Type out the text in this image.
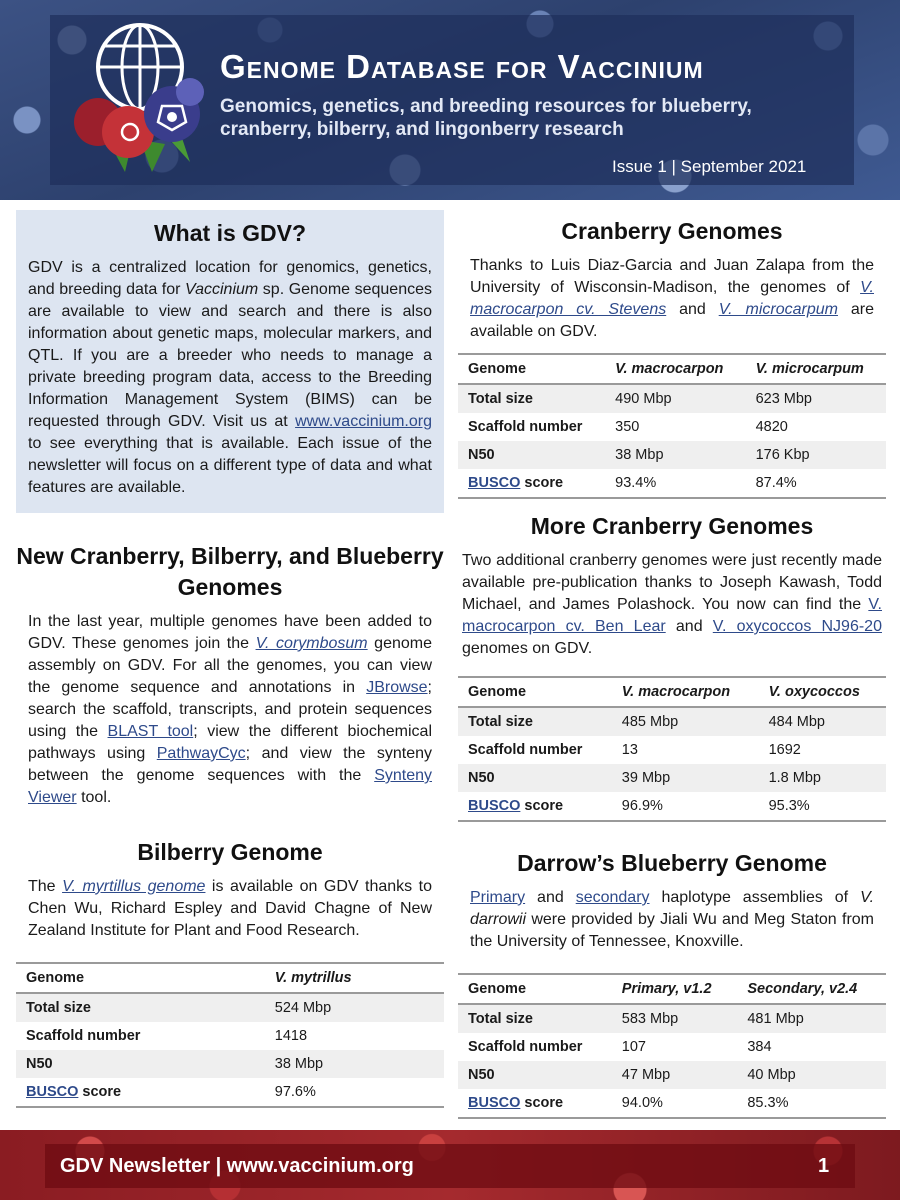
Genome Database for Vaccinium
Genomics, genetics, and breeding resources for blueberry, cranberry, bilberry, and lingonberry research
Issue 1 | September 2021
What is GDV?

GDV is a centralized location for genomics, genetics, and breeding data for Vaccinium sp. Genome sequences are available to view and search and there is also information about genetic maps, molecular markers, and QTL. If you are a breeder who needs to manage a private breeding program data, access to the Breeding Information Management System (BIMS) can be requested through GDV. Visit us at www.vaccinium.org to see everything that is available. Each issue of the newsletter will focus on a different type of data and what features are available.

New Cranberry, Bilberry, and Blueberry Genomes

In the last year, multiple genomes have been added to GDV. These genomes join the V. corymbosum genome assembly on GDV. For all the genomes, you can view the genome sequence and annotations in JBrowse; search the scaffold, transcripts, and protein sequences using the BLAST tool; view the different biochemical pathways using PathwayCyc; and view the synteny between the genome sequences with the Synteny Viewer tool.

Bilberry Genome

The V. myrtillus genome is available on GDV thanks to Chen Wu, Richard Espley and David Chagne of New Zealand Institute for Plant and Food Research.

Genome	V. mytrillus
Total size	524 Mbp
Scaffold number	1418
N50	38 Mbp
BUSCO score	97.6%
Cranberry Genomes

Thanks to Luis Diaz-Garcia and Juan Zalapa from the University of Wisconsin-Madison, the genomes of V. macrocarpon cv. Stevens and V. microcarpum are available on GDV.

Genome	V. macrocarpon	V. microcarpum
Total size	490 Mbp	623 Mbp
Scaffold number	350	4820
N50	38 Mbp	176 Kbp
BUSCO score	93.4%	87.4%
More Cranberry Genomes

Two additional cranberry genomes were just recently made available pre-publication thanks to Joseph Kawash, Todd Michael, and James Polashock. You now can find the V. macrocarpon cv. Ben Lear and V. oxycoccos NJ96-20 genomes on GDV.

Genome	V. macrocarpon	V. oxycoccos
Total size	485 Mbp	484 Mbp
Scaffold number	13	1692
N50	39 Mbp	1.8 Mbp
BUSCO score	96.9%	95.3%
Darrow’s Blueberry Genome

Primary and secondary haplotype assemblies of V. darrowii were provided by Jiali Wu and Meg Staton from the University of Tennessee, Knoxville.

Genome	Primary, v1.2	Secondary, v2.4
Total size	583 Mbp	481 Mbp
Scaffold number	107	384
N50	47 Mbp	40 Mbp
BUSCO score	94.0%	85.3%
GDV Newsletter | www.vaccinium.org	1
